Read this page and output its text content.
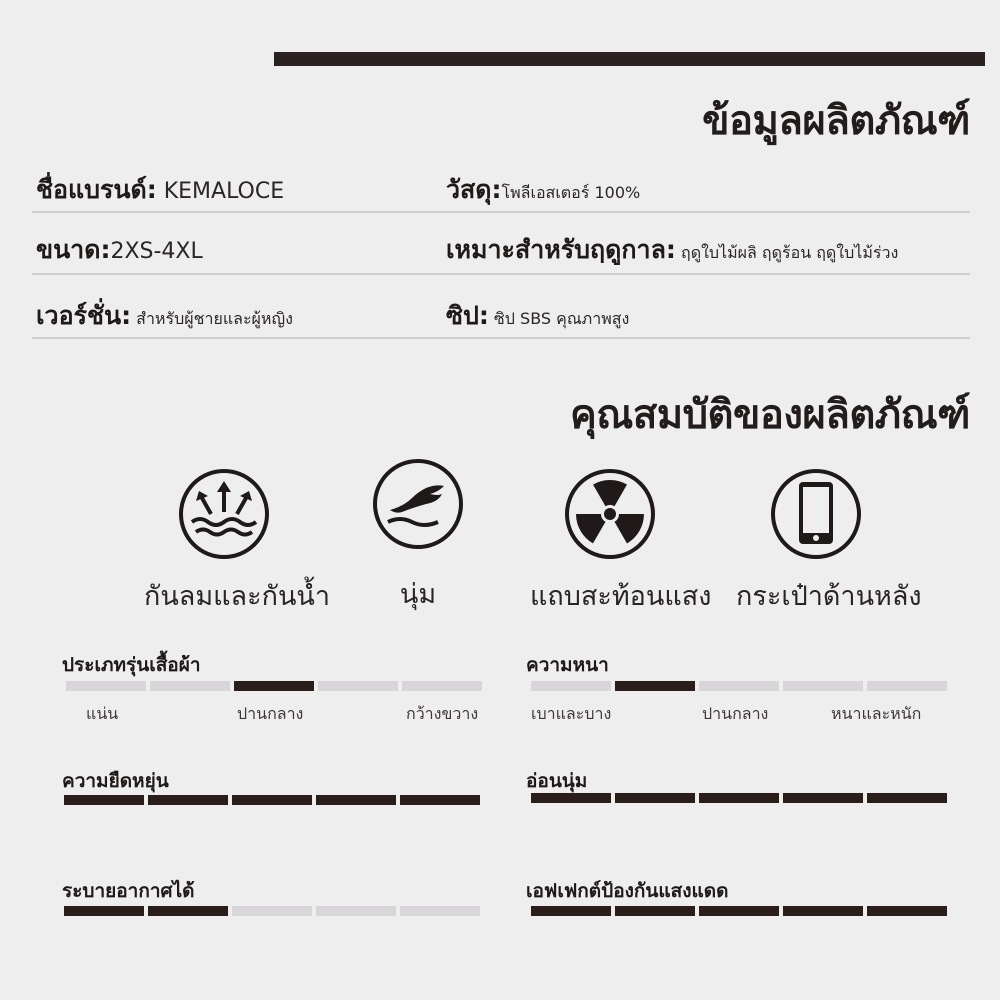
ข้อมูลผลิตภัณฑ์
ชื่อแบรนด์: KEMALOCE	วัสดุ:โพลีเอสเตอร์ 100%
ขนาด:2XS-4XL	เหมาะสำหรับฤดูกาล: ฤดูใบไม้ผลิ ฤดูร้อน ฤดูใบไม้ร่วง
เวอร์ชั่น: สำหรับผู้ชายและผู้หญิง	ซิป: ซิป SBS คุณภาพสูง
คุณสมบัติของผลิตภัณฑ์
กันลมและกันน้ำ	นุ่ม	แถบสะท้อนแสง กระเป๋าด้านหลัง
ประเภทรุ่นเสื้อผ้า
แน่น	ปานกลาง	กว้างขวาง
ความหนา
เบาและบาง	ปานกลาง	หนาและหนัก
ความยืดหยุ่น	อ่อนนุ่ม
ระบายอากาศได้	เอฟเฟกต์ป้องกันแสงแดด
